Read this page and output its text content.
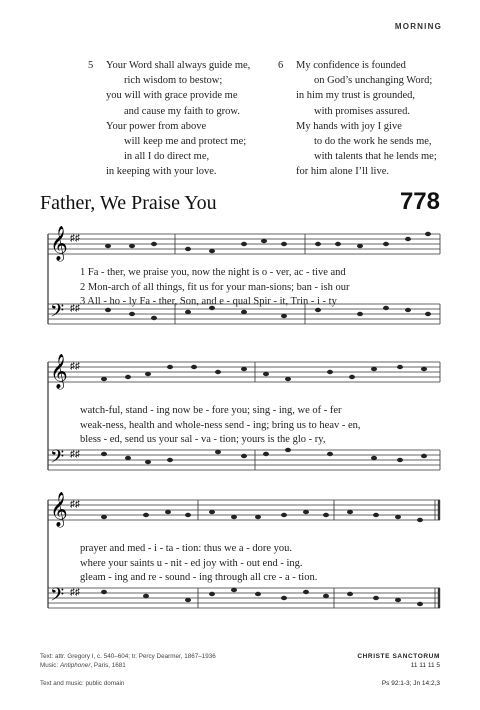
MORNING
5	Your Word shall always guide me,
rich wisdom to bestow;
you will with grace provide me
and cause my faith to grow.
Your power from above
will keep me and protect me;
in all I do direct me,
in keeping with your love.
6	My confidence is founded
on God’s unchanging Word;
in him my trust is grounded,
with promises assured.
My hands with joy I give
to do the work he sends me,
with talents that he lends me;
for him alone I’ll live.
Father, We Praise You	778
𝄞
𝄢
♯♯
♯♯
1 Fa - ther, we praise you, now the night is o - ver, ac - tive and
2 Mon-arch of all things, fit us for your man-sions; ban - ish our
3 All - ho - ly Fa - ther, Son, and e - qual Spir - it, Trin - i - ty
𝄞
𝄢
♯♯
♯♯
watch-ful, stand - ing now be - fore you; sing - ing, we of - fer
weak-ness, health and whole-ness send - ing; bring us to heav - en,
bless - ed, send us your sal - va - tion; yours is the glo - ry,
𝄞
𝄢
♯♯
♯♯
prayer and med - i - ta - tion: thus we a - dore you.
where your saints u - nit - ed joy with - out end - ing.
gleam - ing and re - sound - ing through all cre - a - tion.
Text: attr. Gregory I, c. 540–604; tr. Percy Dearmer, 1867–1936
Music: Antiphoner, Paris, 1681
Text and music: public domain
CHRISTE SANCTORUM
11 11 11 5
Ps 92:1-3; Jn 14:2,3
